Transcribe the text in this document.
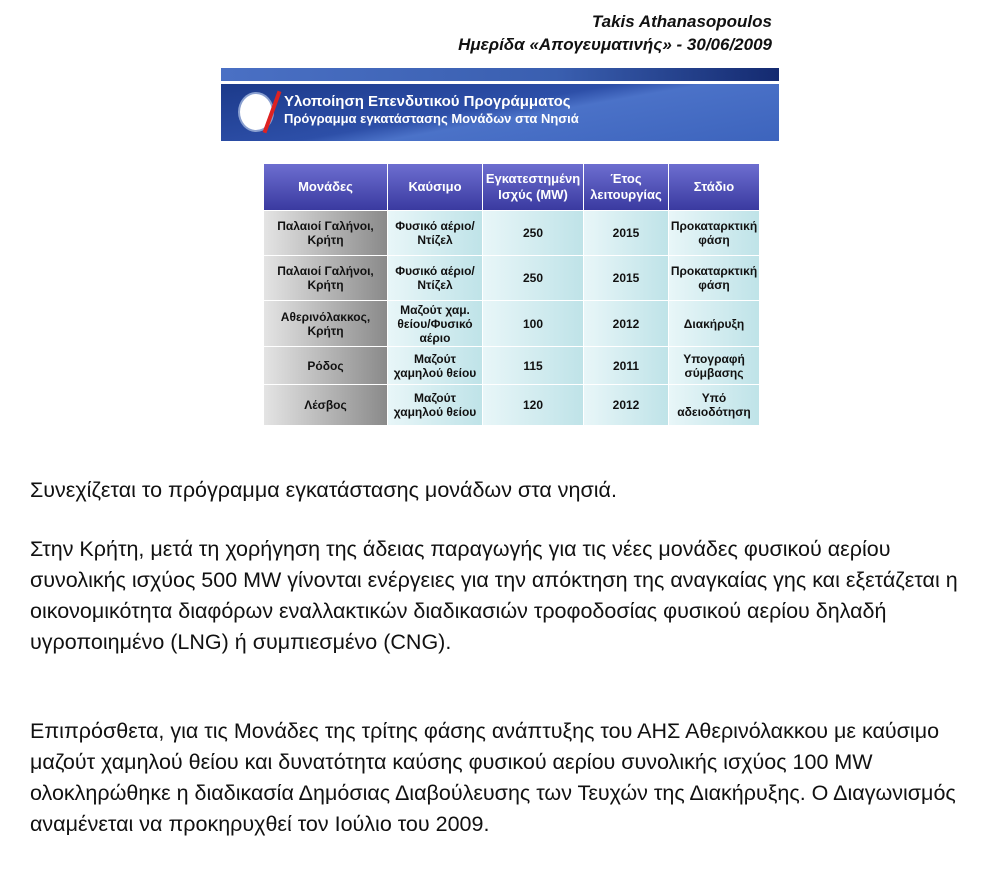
Takis Athanasopoulos
Ημερίδα «Απογευματινής» - 30/06/2009
Υλοποίηση Επενδυτικού Προγράμματος
Πρόγραμμα εγκατάστασης Μονάδων στα Νησιά
Μονάδες	Καύσιμο	Εγκατεστημένη Ισχύς (MW)	Έτος λειτουργίας	Στάδιο
Παλαιοί Γαλήνοι, Κρήτη	Φυσικό αέριο/Ντίζελ	250	2015	Προκαταρκτική φάση
Παλαιοί Γαλήνοι, Κρήτη	Φυσικό αέριο/Ντίζελ	250	2015	Προκαταρκτική φάση
Αθερινόλακκος, Κρήτη	Μαζούτ χαμ. θείου/Φυσικό αέριο	100	2012	Διακήρυξη
Ρόδος	Μαζούτ χαμηλού θείου	115	2011	Υπογραφή σύμβασης
Λέσβος	Μαζούτ χαμηλού θείου	120	2012	Υπό αδειοδότηση
Συνεχίζεται το πρόγραμμα εγκατάστασης μονάδων στα νησιά.
Στην Κρήτη, μετά τη χορήγηση της άδειας παραγωγής για τις νέες μονάδες φυσικού αερίου συνολικής ισχύος 500 MW γίνονται ενέργειες για την απόκτηση της αναγκαίας γης και εξετάζεται η οικονομικότητα διαφόρων εναλλακτικών διαδικασιών τροφοδοσίας φυσικού αερίου δηλαδή υγροποιημένο (LNG) ή συμπιεσμένο (CNG).
Επιπρόσθετα, για τις Μονάδες της τρίτης φάσης ανάπτυξης του ΑΗΣ Αθερινόλακκου με καύσιμο μαζούτ χαμηλού θείου και δυνατότητα καύσης φυσικού αερίου συνολικής ισχύος 100 MW ολοκληρώθηκε η διαδικασία Δημόσιας Διαβούλευσης των Τευχών της Διακήρυξης. Ο Διαγωνισμός αναμένεται να προκηρυχθεί τον Ιούλιο του 2009.
